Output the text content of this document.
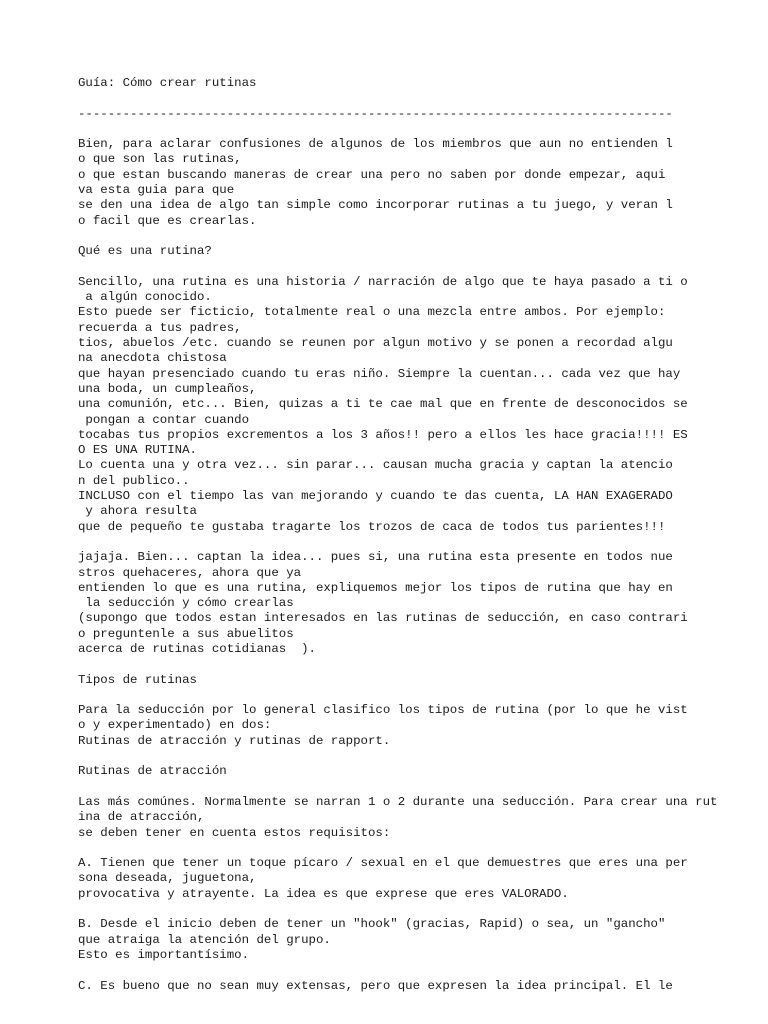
Guía: Cómo crear rutinas
--------------------------------------------------------------------------------
Bien, para aclarar confusiones de algunos de los miembros que aun no entienden l
o que son las rutinas,
o que estan buscando maneras de crear una pero no saben por donde empezar, aqui
va esta guia para que
se den una idea de algo tan simple como incorporar rutinas a tu juego, y veran l
o facil que es crearlas.
Qué es una rutina?
Sencillo, una rutina es una historia / narración de algo que te haya pasado a ti o
a algún conocido.
Esto puede ser ficticio, totalmente real o una mezcla entre ambos. Por ejemplo:
recuerda a tus padres,
tios, abuelos /etc. cuando se reunen por algun motivo y se ponen a recordad algu
na anecdota chistosa
que hayan presenciado cuando tu eras niño. Siempre la cuentan... cada vez que hay
una boda, un cumpleaños,
una comunión, etc... Bien, quizas a ti te cae mal que en frente de desconocidos se
pongan a contar cuando
tocabas tus propios excrementos a los 3 años!! pero a ellos les hace gracia!!!! ES
O ES UNA RUTINA.
Lo cuenta una y otra vez... sin parar... causan mucha gracia y captan la atencio
n del publico..
INCLUSO con el tiempo las van mejorando y cuando te das cuenta, LA HAN EXAGERADO
y ahora resulta
que de pequeño te gustaba tragarte los trozos de caca de todos tus parientes!!!
jajaja. Bien... captan la idea... pues si, una rutina esta presente en todos nue
stros quehaceres, ahora que ya
entienden lo que es una rutina, expliquemos mejor los tipos de rutina que hay en
la seducción y cómo crearlas
(supongo que todos estan interesados en las rutinas de seducción, en caso contrari
o preguntenle a sus abuelitos
acerca de rutinas cotidianas  ).
Tipos de rutinas
Para la seducción por lo general clasifico los tipos de rutina (por lo que he vist
o y experimentado) en dos:
Rutinas de atracción y rutinas de rapport.
Rutinas de atracción
Las más comúnes. Normalmente se narran 1 o 2 durante una seducción. Para crear una rut
ina de atracción,
se deben tener en cuenta estos requisitos:
A. Tienen que tener un toque pícaro / sexual en el que demuestres que eres una per
sona deseada, juguetona,
provocativa y atrayente. La idea es que exprese que eres VALORADO.
B. Desde el inicio deben de tener un "hook" (gracias, Rapid) o sea, un "gancho"
que atraiga la atención del grupo.
Esto es importantísimo.
C. Es bueno que no sean muy extensas, pero que expresen la idea principal. El le
